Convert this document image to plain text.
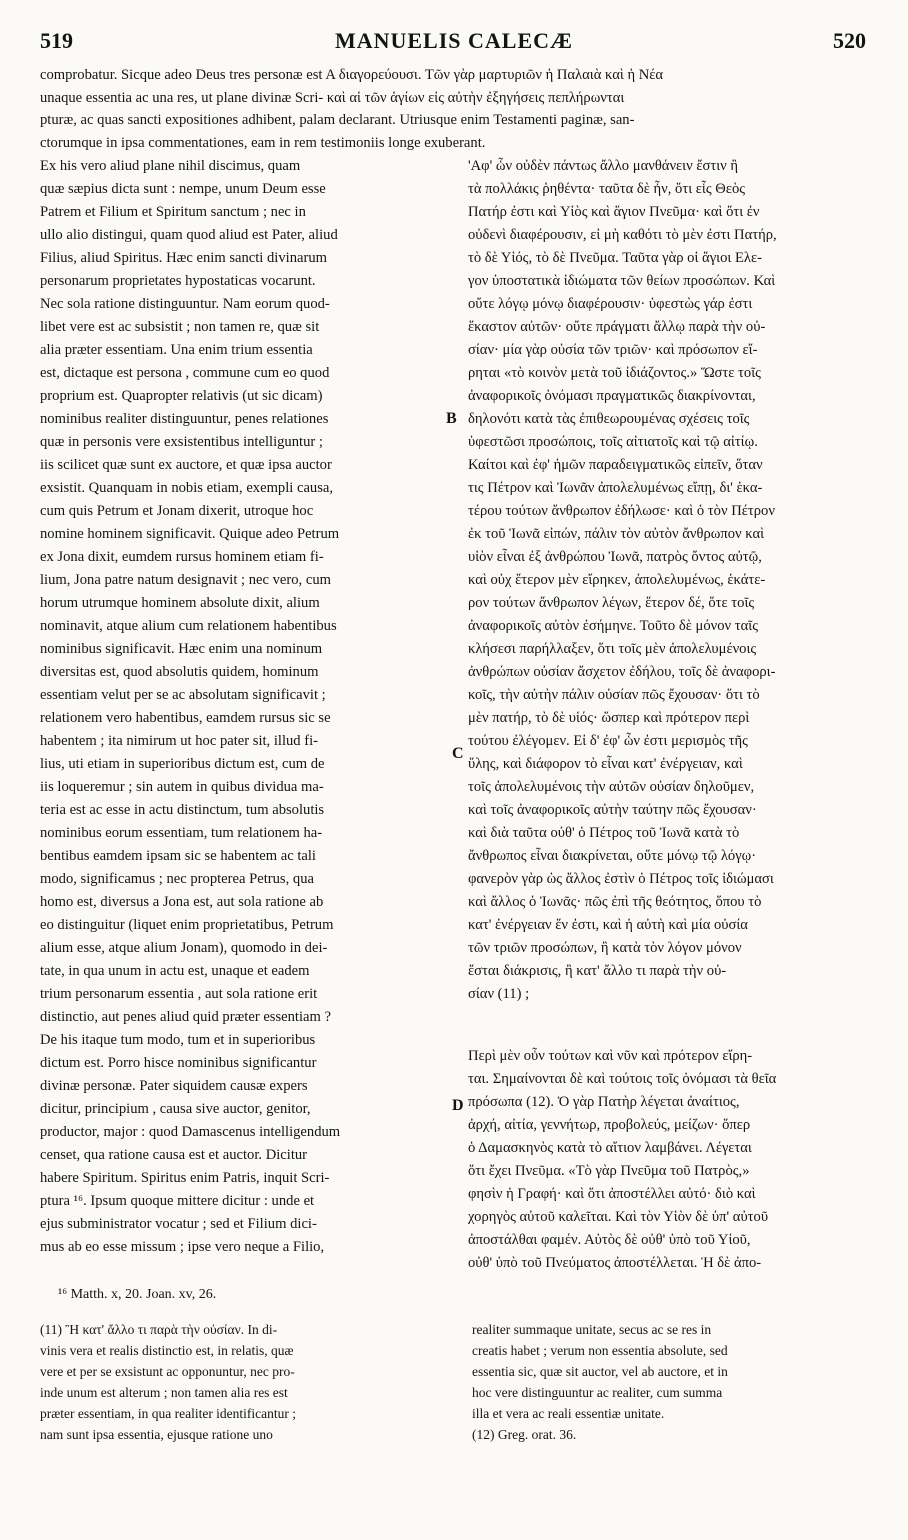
519	MANUELIS CALECÆ	520
comprobatur. Sicque adeo Deus tres personæ est A διαγορεύουσι. Τῶν γὰρ μαρτυριῶν ἡ Παλαιὰ καὶ ἡ Νέα
unaque essentia ac una res, ut plane divinæ Scri- καὶ αἱ τῶν ἁγίων εἰς αὐτὴν ἐξηγήσεις πεπλήρωνται
pturæ, ac quas sancti expositiones adhibent, palam declarant. Utriusque enim Testamenti paginæ, san-
ctorumque in ipsa commentationes, eam in rem testimoniis longe exuberant.
Ex his vero aliud plane nihil discimus, quam
quæ sæpius dicta sunt : nempe, unum Deum esse
Patrem et Filium et Spiritum sanctum ; nec in
ullo alio distingui, quam quod aliud est Pater, aliud
Filius, aliud Spiritus. Hæc enim sancti divinarum
personarum proprietates hypostaticas vocarunt.
Nec sola ratione distinguuntur. Nam eorum quod-
libet vere est ac subsistit ; non tamen re, quæ sit
alia præter essentiam. Una enim trium essentia
est, dictaque est persona , commune cum eo quod
proprium est. Quapropter relativis (ut sic dicam)
nominibus realiter distinguuntur, penes relationes
quæ in personis vere exsistentibus intelliguntur ;
iis scilicet quæ sunt ex auctore, et quæ ipsa auctor
exsistit. Quanquam in nobis etiam, exempli causa,
cum quis Petrum et Jonam dixerit, utroque hoc
nomine hominem significavit. Quique adeo Petrum
ex Jona dixit, eumdem rursus hominem etiam fi-
lium, Jona patre natum designavit ; nec vero, cum
horum utrumque hominem absolute dixit, alium
nominavit, atque alium cum relationem habentibus
nominibus significavit. Hæc enim una nominum
diversitas est, quod absolutis quidem, hominum
essentiam velut per se ac absolutam significavit ;
relationem vero habentibus, eamdem rursus sic se
habentem ; ita nimirum ut hoc pater sit, illud fi-
lius, uti etiam in superioribus dictum est, cum de
iis loqueremur ; sin autem in quibus dividua ma-
teria est ac esse in actu distinctum, tum absolutis
nominibus eorum essentiam, tum relationem ha-
bentibus eamdem ipsam sic se habentem ac tali
modo, significamus ; nec propterea Petrus, qua
homo est, diversus a Jona est, aut sola ratione ab
eo distinguitur (liquet enim proprietatibus, Petrum
alium esse, atque alium Jonam), quomodo in dei-
tate, in qua unum in actu est, unaque et eadem
trium personarum essentia , aut sola ratione erit
distinctio, aut penes aliud quid præter essentiam ?
De his itaque tum modo, tum et in superioribus
dictum est. Porro hisce nominibus significantur
divinæ personæ. Pater siquidem causæ expers
dicitur, principium , causa sive auctor, genitor,
productor, major : quod Damascenus intelligendum
censet, qua ratione causa est et auctor. Dicitur
habere Spiritum. Spiritus enim Patris, inquit Scri-
ptura ¹⁶. Ipsum quoque mittere dicitur : unde et
ejus subministrator vocatur ; sed et Filium dici-
mus ab eo esse missum ; ipse vero neque a Filio,
'Αφ' ὧν οὐδὲν πάντως ἄλλο μανθάνειν ἔστιν ἢ
τὰ πολλάκις ῥηθέντα· ταῦτα δὲ ἦν, ὅτι εἷς Θεὸς
Πατήρ ἐστι καὶ Υἱὸς καὶ ἅγιον Πνεῦμα· καὶ ὅτι ἐν
οὐδενὶ διαφέρουσιν, εἰ μὴ καθότι τὸ μὲν ἐστι Πατήρ,
τὸ δὲ Υἱός, τὸ δὲ Πνεῦμα. Ταῦτα γὰρ οἱ ἅγιοι Ελε-
γον ὑποστατικὰ ἰδιώματα τῶν θείων προσώπων. Καὶ
οὔτε λόγῳ μόνῳ διαφέρουσιν· ὑφεστὼς γάρ ἐστι
ἕκαστον αὐτῶν· οὔτε πράγματι ἄλλῳ παρὰ τὴν οὐ-
σίαν· μία γὰρ οὐσία τῶν τριῶν· καὶ πρόσωπον εἴ-
ρηται «τὸ κοινὸν μετὰ τοῦ ἰδιάζοντος.» Ὥστε τοῖς
ἀναφορικοῖς ὀνόμασι πραγματικῶς διακρίνονται,
δηλονότι κατὰ τὰς ἐπιθεωρουμένας σχέσεις τοῖς
ὑφεστῶσι προσώποις, τοῖς αἰτιατοῖς καὶ τῷ αἰτίῳ.
Καίτοι καὶ ἐφ' ἡμῶν παραδειγματικῶς εἰπεῖν, ὅταν
τις Πέτρον καὶ Ἰωνᾶν ἀπολελυμένως εἴπῃ, δι' ἑκα-
τέρου τούτων ἄνθρωπον ἐδήλωσε· καὶ ὁ τὸν Πέτρον
ἐκ τοῦ Ἰωνᾶ εἰπών, πάλιν τὸν αὐτὸν ἄνθρωπον καὶ
υἱὸν εἶναι ἐξ ἀνθρώπου Ἰωνᾶ, πατρὸς ὄντος αὐτῷ,
καὶ οὐχ ἕτερον μὲν εἴρηκεν, ἀπολελυμένως, ἑκάτε-
ρον τούτων ἄνθρωπον λέγων, ἕτερον δέ, ὅτε τοῖς
ἀναφορικοῖς αὐτὸν ἐσήμηνε. Τοῦτο δὲ μόνον ταῖς
κλήσεσι παρήλλαξεν, ὅτι τοῖς μὲν ἀπολελυμένοις
ἀνθρώπων οὐσίαν ἄσχετον ἐδήλου, τοῖς δὲ ἀναφορι-
κοῖς, τὴν αὐτὴν πάλιν οὐσίαν πῶς ἔχουσαν· ὅτι τὸ
μὲν πατήρ, τὸ δὲ υἱός· ὥσπερ καὶ πρότερον περὶ
τούτου ἐλέγομεν. Εἰ δ' ἐφ' ὧν ἐστι μερισμὸς τῆς
ὕλης, καὶ διάφορον τὸ εἶναι κατ' ἐνέργειαν, καὶ
τοῖς ἀπολελυμένοις τὴν αὐτῶν οὐσίαν δηλοῦμεν,
καὶ τοῖς ἀναφορικοῖς αὐτὴν ταύτην πῶς ἔχουσαν·
καὶ διὰ ταῦτα οὐθ' ὁ Πέτρος τοῦ Ἰωνᾶ κατὰ τὸ
ἄνθρωπος εἶναι διακρίνεται, οὔτε μόνῳ τῷ λόγῳ·
φανερὸν γὰρ ὡς ἄλλος ἐστὶν ὁ Πέτρος τοῖς ἰδιώμασι
καὶ ἄλλος ὁ Ἰωνᾶς· πῶς ἐπὶ τῆς θεότητος, ὅπου τὸ
κατ' ἐνέργειαν ἕν ἐστι, καὶ ἡ αὐτὴ καὶ μία οὐσία
τῶν τριῶν προσώπων, ἢ κατὰ τὸν λόγον μόνον
ἔσται διάκρισις, ἢ κατ' ἄλλο τι παρὰ τὴν οὐ-
σίαν (11) ;
Περὶ μὲν οὖν τούτων καὶ νῦν καὶ πρότερον εἴρη-
ται. Σημαίνονται δὲ καὶ τούτοις τοῖς ὀνόμασι τὰ θεῖα
πρόσωπα (12). Ὁ γὰρ Πατὴρ λέγεται ἀναίτιος,
ἀρχή, αἰτία, γεννήτωρ, προβολεύς, μείζων· ὅπερ
ὁ Δαμασκηνὸς κατὰ τὸ αἴτιον λαμβάνει. Λέγεται
ὅτι ἔχει Πνεῦμα. «Τὸ γὰρ Πνεῦμα τοῦ Πατρὸς,»
φησὶν ἡ Γραφή· καὶ ὅτι ἀποστέλλει αὐτό· διὸ καὶ
χορηγὸς αὐτοῦ καλεῖται. Καὶ τὸν Υἱὸν δὲ ὑπ' αὐτοῦ
ἀποστάλθαι φαμέν. Αὐτὸς δὲ οὐθ' ὑπὸ τοῦ Υἱοῦ,
οὐθ' ὑπὸ τοῦ Πνεύματος ἀποστέλλεται. Ἡ δὲ ἀπο-
B
C
D
¹⁶ Matth. x, 20. Joan. xv, 26.
(11) Ἢ κατ' ἄλλο τι παρὰ τὴν οὐσίαν. In di-
vinis vera et realis distinctio est, in relatis, quæ
vere et per se exsistunt ac opponuntur, nec pro-
inde unum est alterum ; non tamen alia res est
præter essentiam, in qua realiter identificantur ;
nam sunt ipsa essentia, ejusque ratione uno
realiter summaque unitate, secus ac se res in
creatis habet ; verum non essentia absolute, sed
essentia sic, quæ sit auctor, vel ab auctore, et in
hoc vere distinguuntur ac realiter, cum summa
illa et vera ac reali essentiæ unitate.
(12) Greg. orat. 36.
